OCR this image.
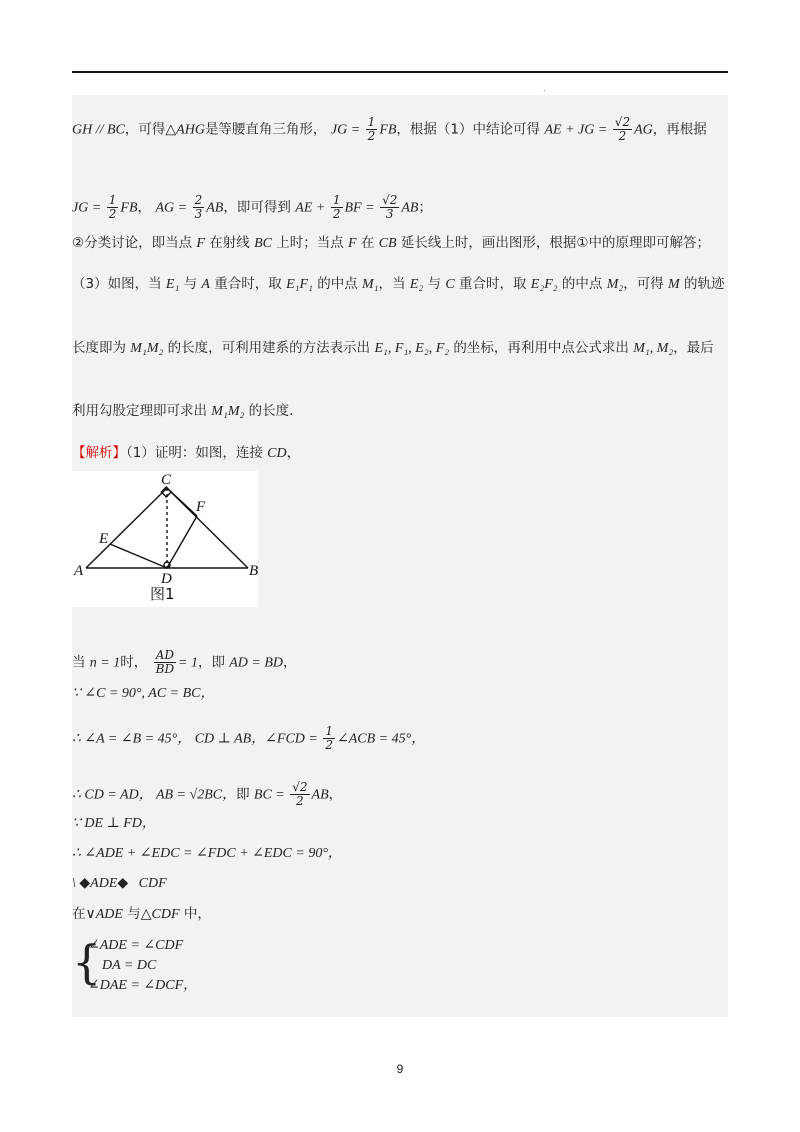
.
GH // BC，可得△AHG是等腰直角三角形， JG = $\frac{1}{2}$ FB，根据（1）中结论可得 AE + JG = $\frac{√2}{2}$ AG，再根据
JG = $\frac{1}{2}$ FB， AG = $\frac{2}{3}$ AB，即可得到 AE + $\frac{1}{2}$ BF = $\frac{√2}{3}$ AB；
②分类讨论，即当点 F 在射线 BC 上时；当点 F 在 CB 延长线上时，画出图形，根据①中的原理即可解答；
（3）如图，当 E₁ 与 A 重合时，取 E₁F₁ 的中点 M₁，当 E₂ 与 C 重合时，取 E₂F₂ 的中点 M₂，可得 M 的轨迹
长度即为 M₁M₂ 的长度，可利用建系的方法表示出 E₁, F₁, E₂, F₂ 的坐标，再利用中点公式求出 M₁, M₂，最后
利用勾股定理即可求出 M₁M₂ 的长度.
【解析】（1）证明：如图，连接 CD，
C
F
E
A	D	B
图1
当 n = 1时， $\frac{AD}{BD} = 1$，即 AD = BD，
∵ ∠C = 90°, AC = BC，
∴ ∠A = ∠B = 45°， CD ⊥ AB，∠FCD = $\frac{1}{2}$ ∠ACB = 45°，
∴ CD = AD， AB = √2BC，即 BC = $\frac{√2}{2}$ AB，
∵ DE ⊥ FD，
∴ ∠ADE + ∠EDC = ∠FDC + ∠EDC = 90°，
\ ◆ADE◆   CDF
在∨ADE 与△CDF 中，
{
∠ADE = ∠CDF
DA = DC
∠DAE = ∠DCF，
9
